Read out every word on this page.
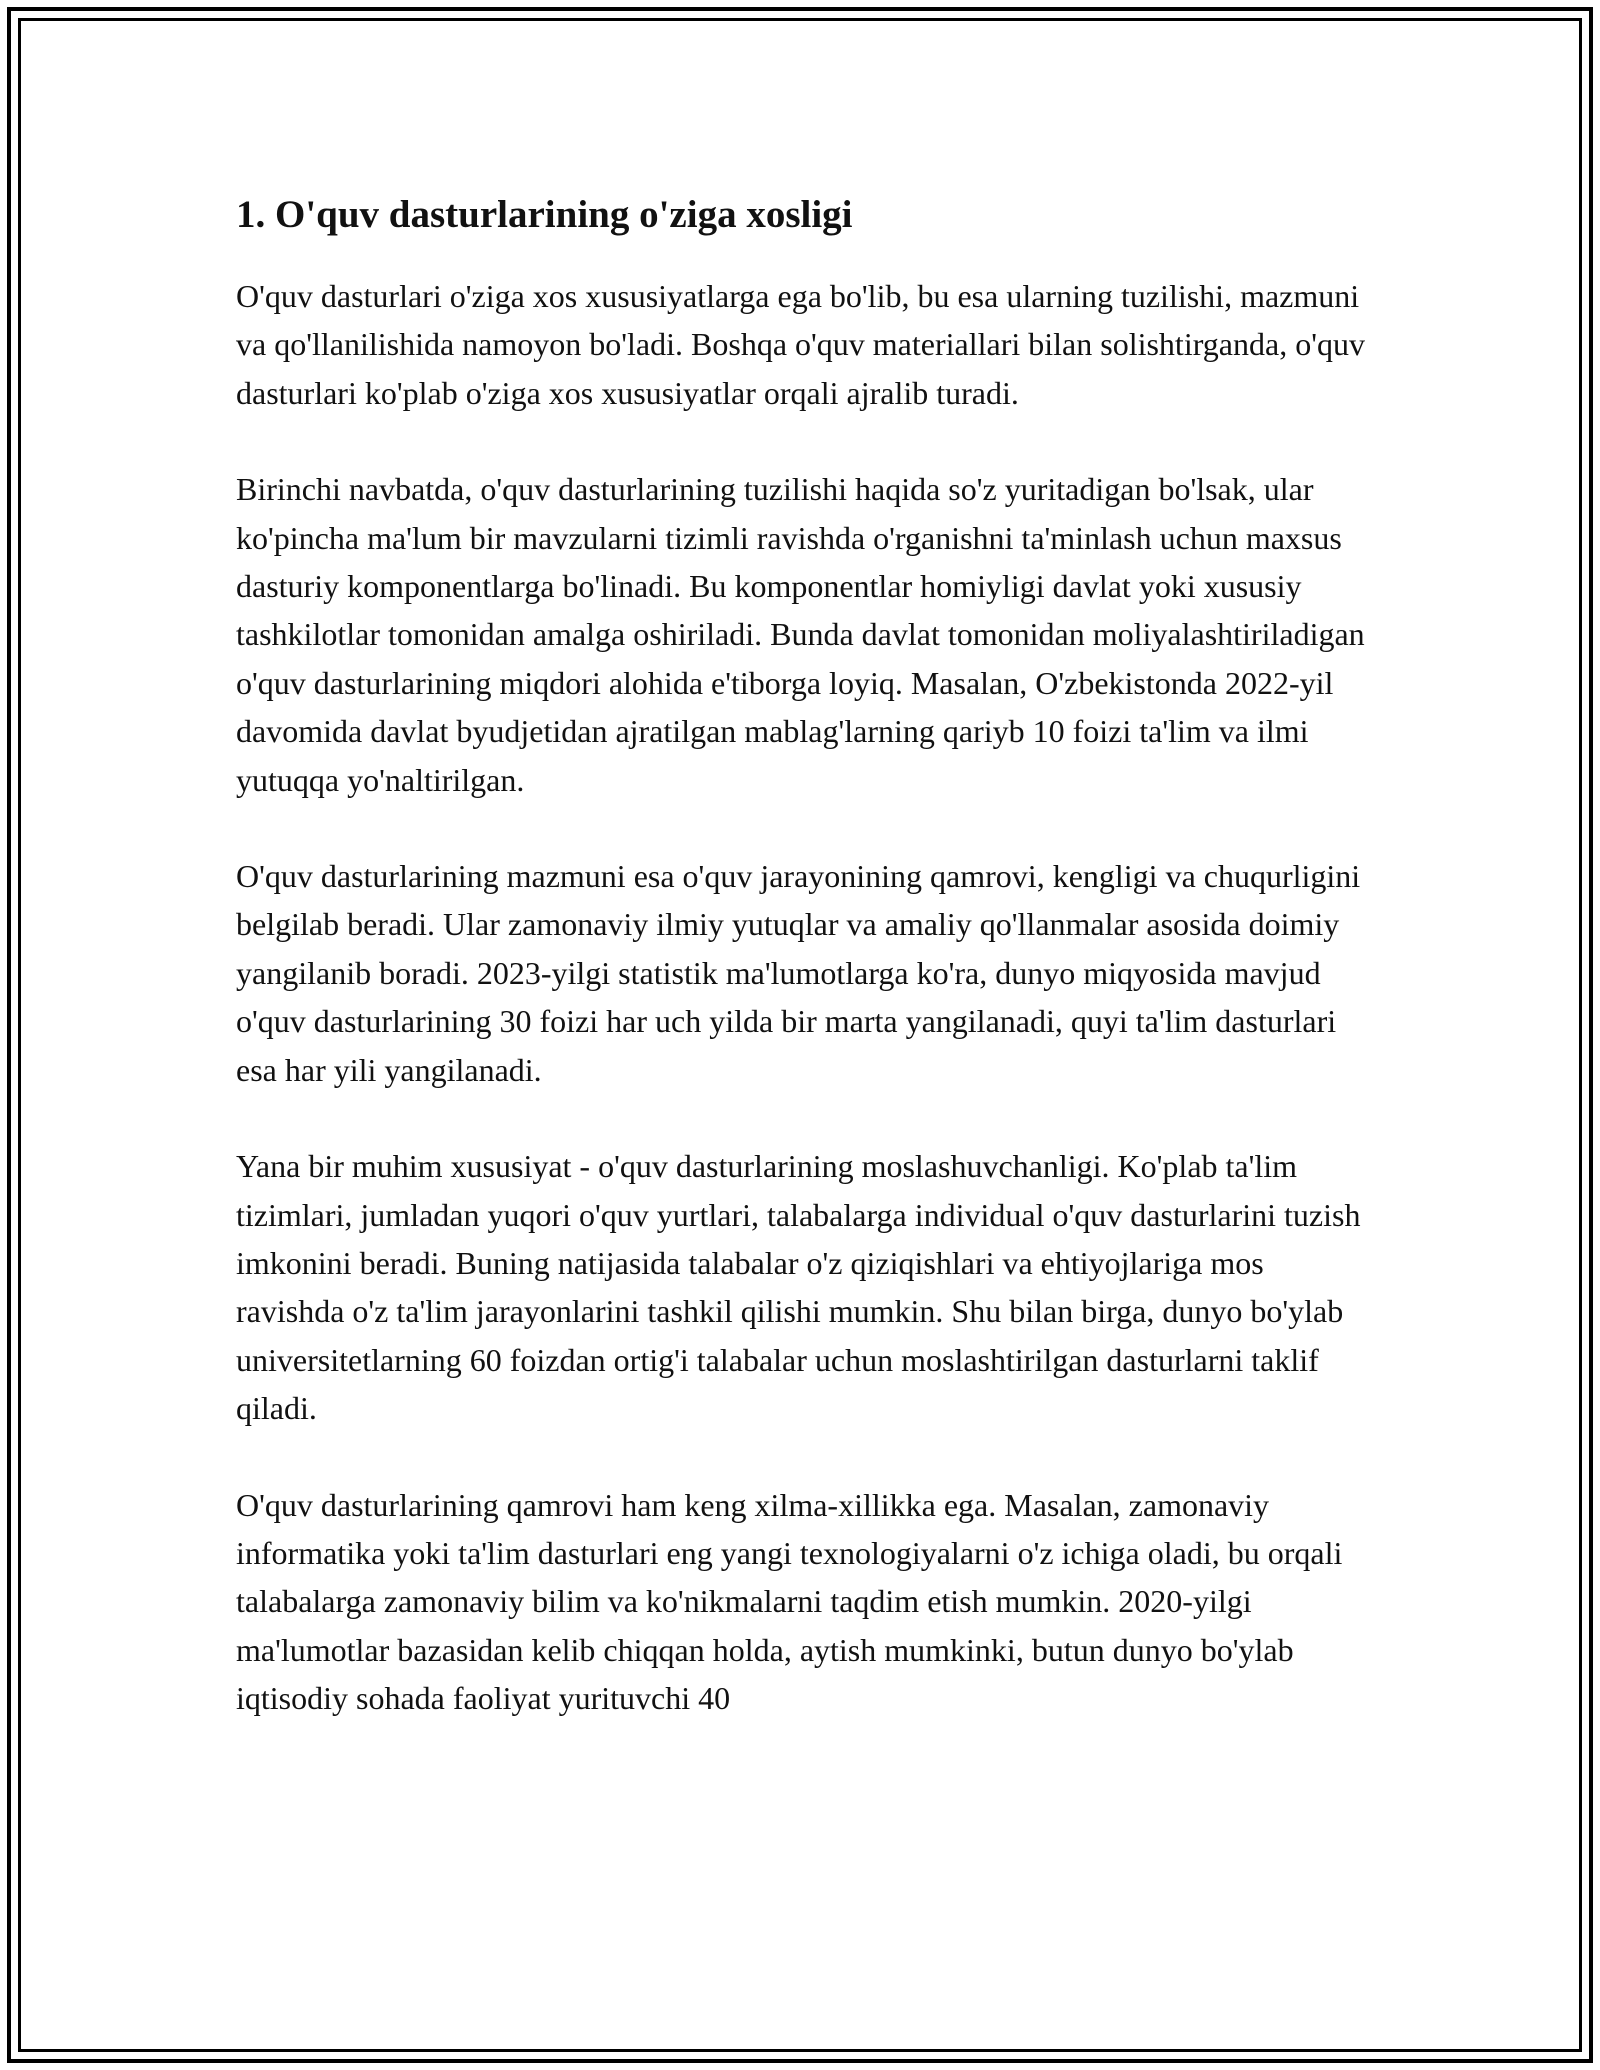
1. O'quv dasturlarining o'ziga xosligi

O'quv dasturlari o'ziga xos xususiyatlarga ega bo'lib, bu esa ularning tuzilishi, mazmuni va qo'llanilishida namoyon bo'ladi. Boshqa o'quv materiallari bilan solishtirganda, o'quv dasturlari ko'plab o'ziga xos xususiyatlar orqali ajralib turadi.

Birinchi navbatda, o'quv dasturlarining tuzilishi haqida so'z yuritadigan bo'lsak, ular ko'pincha ma'lum bir mavzularni tizimli ravishda o'rganishni ta'minlash uchun maxsus dasturiy komponentlarga bo'linadi. Bu komponentlar homiyligi davlat yoki xususiy tashkilotlar tomonidan amalga oshiriladi. Bunda davlat tomonidan moliyalashtiriladigan o'quv dasturlarining miqdori alohida e'tiborga loyiq. Masalan, O'zbekistonda 2022-yil davomida davlat byudjetidan ajratilgan mablag'larning qariyb 10 foizi ta'lim va ilmi yutuqqa yo'naltirilgan.

O'quv dasturlarining mazmuni esa o'quv jarayonining qamrovi, kengligi va chuqurligini belgilab beradi. Ular zamonaviy ilmiy yutuqlar va amaliy qo'llanmalar asosida doimiy yangilanib boradi. 2023-yilgi statistik ma'lumotlarga ko'ra, dunyo miqyosida mavjud o'quv dasturlarining 30 foizi har uch yilda bir marta yangilanadi, quyi ta'lim dasturlari esa har yili yangilanadi.

Yana bir muhim xususiyat - o'quv dasturlarining moslashuvchanligi. Ko'plab ta'lim tizimlari, jumladan yuqori o'quv yurtlari, talabalarga individual o'quv dasturlarini tuzish imkonini beradi. Buning natijasida talabalar o'z qiziqishlari va ehtiyojlariga mos ravishda o'z ta'lim jarayonlarini tashkil qilishi mumkin. Shu bilan birga, dunyo bo'ylab universitetlarning 60 foizdan ortig'i talabalar uchun moslashtirilgan dasturlarni taklif qiladi.

O'quv dasturlarining qamrovi ham keng xilma-xillikka ega. Masalan, zamonaviy informatika yoki ta'lim dasturlari eng yangi texnologiyalarni o'z ichiga oladi, bu orqali talabalarga zamonaviy bilim va ko'nikmalarni taqdim etish mumkin. 2020-yilgi ma'lumotlar bazasidan kelib chiqqan holda, aytish mumkinki, butun dunyo bo'ylab iqtisodiy sohada faoliyat yurituvchi 40
